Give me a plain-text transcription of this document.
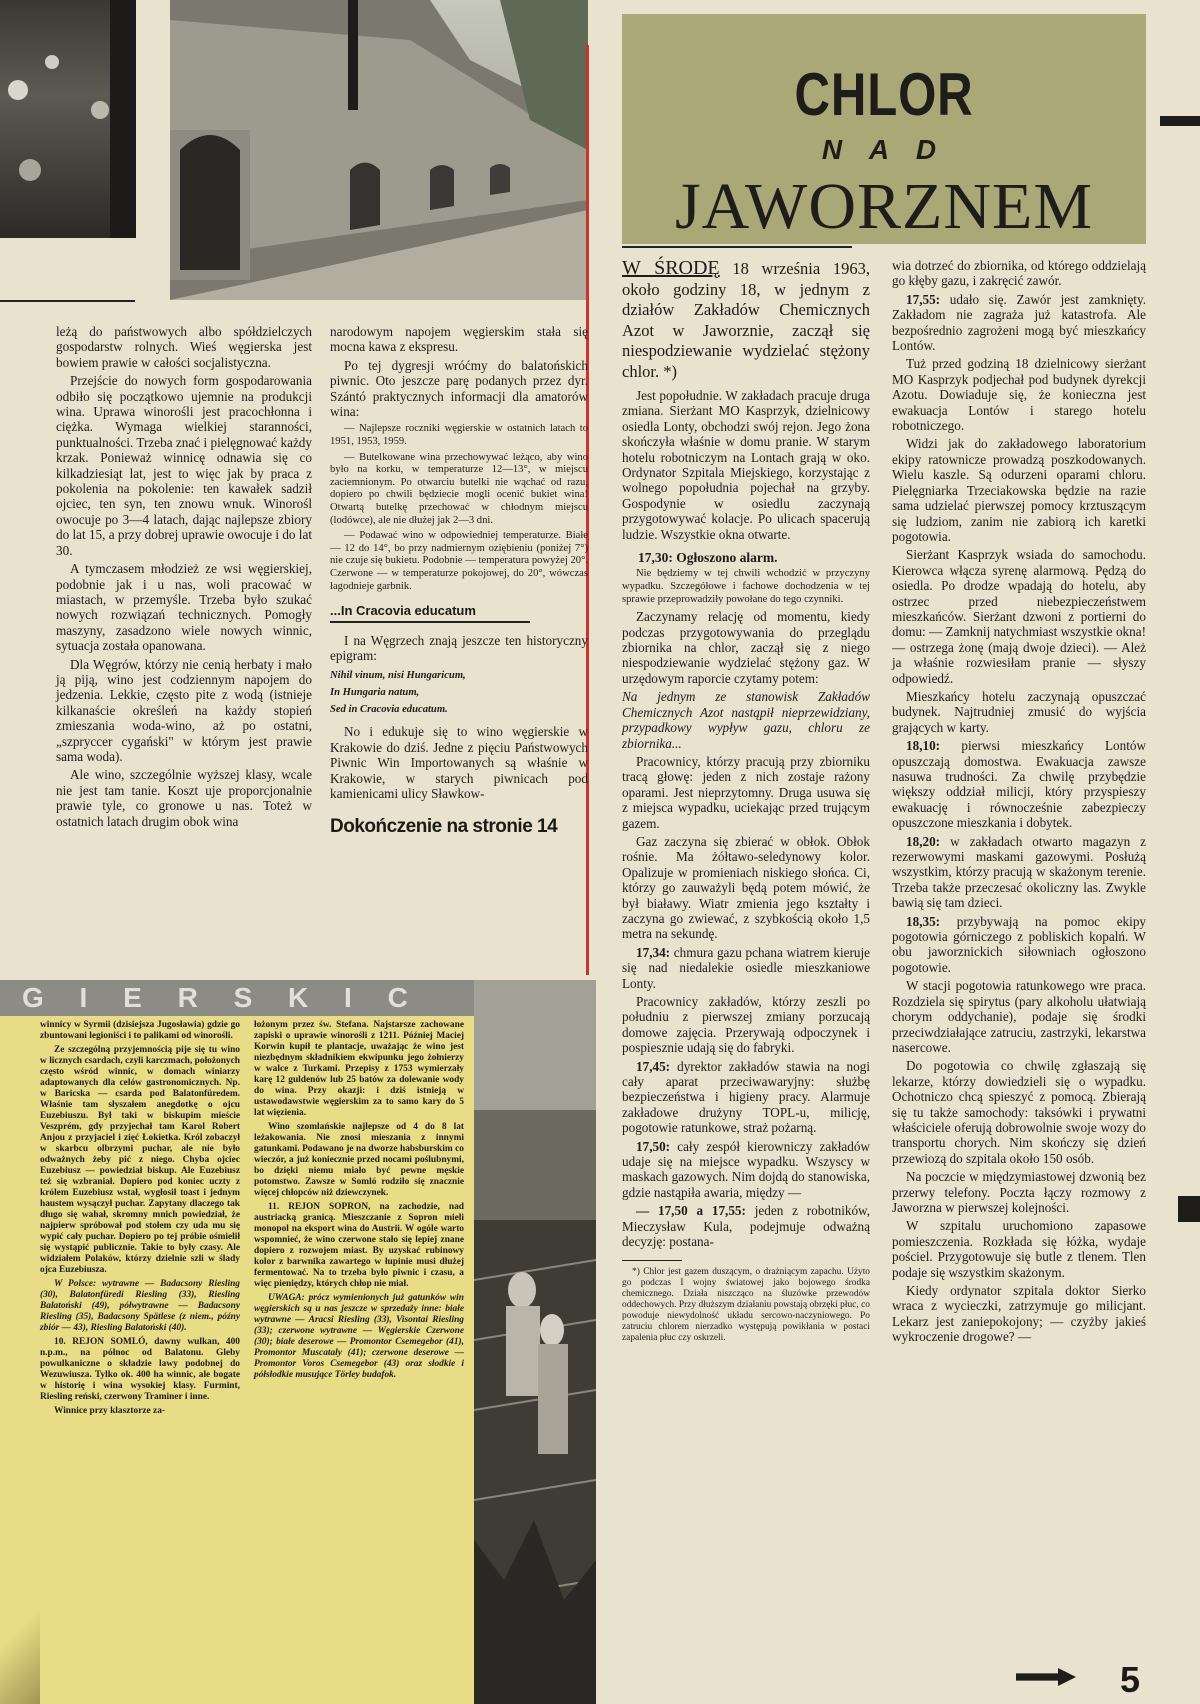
CHLOR
N A D
JAWORZNEM

leżą do państwowych albo spółdzielczych gospodarstw rolnych. Wieś węgierska jest bowiem prawie w całości socjalistyczna.

Przejście do nowych form gospodarowania odbiło się początkowo ujemnie na produkcji wina. Uprawa winorośli jest pracochłonna i ciężka. Wymaga wielkiej staranności, punktualności. Trzeba znać i pielęgnować każdy krzak. Ponieważ winnicę odnawia się co kilkadziesiąt lat, jest to więc jak by praca z pokolenia na pokolenie: ten kawałek sadził ojciec, ten syn, ten znowu wnuk. Winorośl owocuje po 3—4 latach, dając najlepsze zbiory do lat 15, a przy dobrej uprawie owocuje i do lat 30.

A tymczasem młodzież ze wsi węgierskiej, podobnie jak i u nas, woli pracować w miastach, w przemyśle. Trzeba było szukać nowych rozwiązań technicznych. Pomogły maszyny, zasadzono wiele nowych winnic, sytuacja została opanowana.

Dla Węgrów, którzy nie cenią herbaty i mało ją piją, wino jest codziennym napojem do jedzenia. Lekkie, często pite z wodą (istnieje kilkanaście określeń na każdy stopień zmieszania woda-wino, aż po ostatni, „szpryccer cygański" w którym jest prawie sama woda).

Ale wino, szczególnie wyższej klasy, wcale nie jest tam tanie. Koszt uje proporcjonalnie prawie tyle, co gronowe u nas. Toteż w ostatnich latach drugim obok wina

narodowym napojem węgierskim stała się mocna kawa z ekspresu.

Po tej dygresji wróćmy do balatońskich piwnic. Oto jeszcze parę podanych przez dyr. Szántó praktycznych informacji dla amatorów wina:

— Najlepsze roczniki węgierskie w ostatnich latach to 1951, 1953, 1959.

— Butelkowane wina przechowywać leżąco, aby wino było na korku, w temperaturze 12—13°, w miejscu zaciemnionym. Po otwarciu butelki nie wąchać od razu, dopiero po chwili będziecie mogli ocenić bukiet wina! Otwartą butelkę przechować w chłodnym miejscu (lodówce), ale nie dłużej jak 2—3 dni.

— Podawać wino w odpowiedniej temperaturze. Białe — 12 do 14°, bo przy nadmiernym oziębieniu (poniżej 7°) nie czuje się bukietu. Podobnie — temperatura powyżej 20°. Czerwone — w temperaturze pokojowej, do 20°, wówczas łagodnieje garbnik.

...In Cracovia educatum

I na Węgrzech znają jeszcze ten historyczny epigram:

Nihil vinum, nisi Hungaricum,
In Hungaria natum,
Sed in Cracovia educatum.

No i edukuje się to wino węgierskie w Krakowie do dziś. Jedne z pięciu Państwowych Piwnic Win Importowanych są właśnie w Krakowie, w starych piwnicach pod kamienicami ulicy Sławkow-

Dokończenie na stronie 14
G I E R S K I C

winnicy w Syrmii (dzisiejsza Jugosławia) gdzie go zbuntowani legioniści i to palikami od winorośli.

Ze szczególną przyjemnością pije się tu wino w licznych csardach, czyli karczmach, położonych często wśród winnic, w domach winiarzy adaptowanych dla celów gastronomicznych. Np. w Baricska — csarda pod Balatonfüredem. Właśnie tam słyszałem anegdotkę o ojcu Euzebiuszu. Był taki w biskupim mieście Veszprém, gdy przyjechał tam Karol Robert Anjou z przyjaciel i zięć Łokietka. Król zobaczył w skarbcu olbrzymi puchar, ale nie było odważnych żeby pić z niego. Chyba ojciec Euzebiusz — powiedział biskup. Ale Euzebiusz też się wzbraniał. Dopiero pod koniec uczty z królem Euzebiusz wstał, wygłosił toast i jednym haustem wysączył puchar. Zapytany dlaczego tak długo się wahał, skromny mnich powiedział, że najpierw spróbował pod stołem czy uda mu się wypić cały puchar. Dopiero po tej próbie ośmielił się wystąpić publicznie. Takie to były czasy. Ale widziałem Polaków, którzy dzielnie szli w ślady ojca Euzebiusza.

W Polsce: wytrawne — Badacsony Riesling (30), Balatonfüredi Riesling (33), Riesling Balatoński (49), półwytrawne — Badacsony Riesling (35), Badacsony Spätlese (z niem., późny zbiór — 43), Riesling Balatoński (40).

10. REJON SOMLÓ, dawny wulkan, 400 n.p.m., na północ od Balatonu. Gleby powulkaniczne o składzie lawy podobnej do Wezuwiusza. Tylko ok. 400 ha winnic, ale bogate w historię i wina wysokiej klasy. Furmint, Riesling reński, czerwony Traminer i inne.

Winnice przy klasztorze za-

łożonym przez św. Stefana. Najstarsze zachowane zapiski o uprawie winorośli z 1211. Później Maciej Korwin kupił te plantacje, uważając że wino jest niezbędnym składnikiem ekwipunku jego żołnierzy w walce z Turkami. Przepisy z 1753 wymierzały karę 12 guldenów lub 25 batów za dolewanie wody do wina. Przy okazji: i dziś istnieją w ustawodawstwie węgierskim za to samo kary do 5 lat więzienia.

Wino szomlańskie najlepsze od 4 do 8 lat leżakowania. Nie znosi mieszania z innymi gatunkami. Podawano je na dworze habsburskim co wieczór, a już koniecznie przed nocami poślubnymi, bo dzięki niemu miało być pewne męskie potomstwo. Zawsze w Somló rodziło się znacznie więcej chłopców niż dziewczynek.

11. REJON SOPRON, na zachodzie, nad austriacką granicą. Mieszczanie z Sopron mieli monopol na eksport wina do Austrii. W ogóle warto wspomnieć, że wino czerwone stało się lepiej znane dopiero z rozwojem miast. By uzyskać rubinowy kolor z barwnika zawartego w łupinie musi dłużej fermentować. Na to trzeba było piwnic i czasu, a więc pieniędzy, których chłop nie miał.

UWAGA: prócz wymienionych już gatunków win węgierskich są u nas jeszcze w sprzedaży inne: białe wytrawne — Aracsi Riesling (33), Visontai Riesling (33); czerwone wytrawne — Węgierskie Czerwone (30); białe deserowe — Promontor Csemegebor (41), Promontor Muscataly (41); czerwone deserowe — Promontor Voros Csemegebor (43) oraz słodkie i półsłodkie musujące Törley budafok.

W ŚRODĘ 18 września 1963, około godziny 18, w jednym z działów Zakładów Chemicznych Azot w Jaworznie, zaczął się niespodziewanie wydzielać stężony chlor. *)

Jest popołudnie. W zakładach pracuje druga zmiana. Sierżant MO Kasprzyk, dzielnicowy osiedla Lonty, obchodzi swój rejon. Jego żona skończyła właśnie w domu pranie. W starym hotelu robotniczym na Lontach grają w oko. Ordynator Szpitala Miejskiego, korzystając z wolnego popołudnia pojechał na grzyby. Gospodynie w osiedlu zaczynają przygotowywać kolacje. Po ulicach spacerują ludzie. Wszystkie okna otwarte.

17,30: Ogłoszono alarm.

Nie będziemy w tej chwili wchodzić w przyczyny wypadku. Szczegółowe i fachowe dochodzenia w tej sprawie przeprowadziły powołane do tego czynniki.

Zaczynamy relację od momentu, kiedy podczas przygotowywania do przeglądu zbiornika na chlor, zaczął się z niego niespodziewanie wydzielać stężony gaz. W urzędowym raporcie czytamy potem:

Na jednym ze stanowisk Zakładów Chemicznych Azot nastąpił nieprzewidziany, przypadkowy wypływ gazu, chloru ze zbiornika...

Pracownicy, którzy pracują przy zbiorniku tracą głowę: jeden z nich zostaje rażony oparami. Jest nieprzytomny. Druga usuwa się z miejsca wypadku, uciekając przed trującym gazem.

Gaz zaczyna się zbierać w obłok. Obłok rośnie. Ma żółtawo-seledynowy kolor. Opalizuje w promieniach niskiego słońca. Ci, którzy go zauważyli będą potem mówić, że był białawy. Wiatr zmienia jego kształty i zaczyna go zwiewać, z szybkością około 1,5 metra na sekundę.

17,34: chmura gazu pchana wiatrem kieruje się nad niedalekie osiedle mieszkaniowe Lonty.

Pracownicy zakładów, którzy zeszli po południu z pierwszej zmiany porzucają domowe zajęcia. Przerywają odpoczynek i pospiesznie udają się do fabryki.

17,45: dyrektor zakładów stawia na nogi cały aparat przeciwawaryjny: służbę bezpieczeństwa i higieny pracy. Alarmuje zakładowe drużyny TOPL-u, milicję, pogotowie ratunkowe, straż pożarną.

17,50: cały zespół kierowniczy zakładów udaje się na miejsce wypadku. Wszyscy w maskach gazowych. Nim dojdą do stanowiska, gdzie nastąpiła awaria, między —

— 17,50 a 17,55: jeden z robotników, Mieczysław Kula, podejmuje odważną decyzję: postana-

*) Chlor jest gazem duszącym, o drażniącym zapachu. Użyto go podczas I wojny światowej jako bojowego środka chemicznego. Działa niszcząco na śluzówke przewodów oddechowych. Przy dłuższym działaniu powstają obrzęki płuc, co powoduje niewydolność układu sercowo-naczyniowego. Po zatruciu chlorem nierzadko występują powikłania w postaci zapalenia płuc czy oskrzeli.

wia dotrzeć do zbiornika, od którego oddzielają go kłęby gazu, i zakręcić zawór.

17,55: udało się. Zawór jest zamknięty. Zakładom nie zagraża już katastrofa. Ale bezpośrednio zagrożeni mogą być mieszkańcy Lontów.

Tuż przed godziną 18 dzielnicowy sierżant MO Kasprzyk podjechał pod budynek dyrekcji Azotu. Dowiaduje się, że konieczna jest ewakuacja Lontów i starego hotelu robotniczego.

Widzi jak do zakładowego laboratorium ekipy ratownicze prowadzą poszkodowanych. Wielu kaszle. Są odurzeni oparami chloru. Pielęgniarka Trzeciakowska będzie na razie sama udzielać pierwszej pomocy krztuszącym się ludziom, zanim nie zabiorą ich karetki pogotowia.

Sierżant Kasprzyk wsiada do samochodu. Kierowca włącza syrenę alarmową. Pędzą do osiedla. Po drodze wpadają do hotelu, aby ostrzec przed niebezpieczeństwem mieszkańców. Sierżant dzwoni z portierni do domu: — Zamknij natychmiast wszystkie okna! — ostrzega żonę (mają dwoje dzieci). — Ależ ja właśnie rozwiesiłam pranie — słyszy odpowiedź.

Mieszkańcy hotelu zaczynają opuszczać budynek. Najtrudniej zmusić do wyjścia grających w karty.

18,10: pierwsi mieszkańcy Lontów opuszczają domostwa. Ewakuacja zawsze nasuwa trudności. Za chwilę przybędzie większy oddział milicji, który przyspieszy ewakuację i równocześnie zabezpieczy opuszczone mieszkania i dobytek.

18,20: w zakładach otwarto magazyn z rezerwowymi maskami gazowymi. Posłużą wszystkim, którzy pracują w skażonym terenie. Trzeba także przeczesać okoliczny las. Zwykle bawią się tam dzieci.

18,35: przybywają na pomoc ekipy pogotowia górniczego z pobliskich kopalń. W obu jaworznickich siłowniach ogłoszono pogotowie.

W stacji pogotowia ratunkowego wre praca. Rozdziela się spirytus (pary alkoholu ułatwiają chorym oddychanie), podaje się środki przeciwdziałające zatruciu, zastrzyki, lekarstwa nasercowe.

Do pogotowia co chwilę zgłaszają się lekarze, którzy dowiedzieli się o wypadku. Ochotniczo chcą spieszyć z pomocą. Zbierają się tu także samochody: taksówki i prywatni właściciele oferują dobrowolnie swoje wozy do transportu chorych. Nim skończy się dzień przewiozą do szpitala około 150 osób.

Na poczcie w międzymiastowej dzwonią bez przerwy telefony. Poczta łączy rozmowy z Jaworzna w pierwszej kolejności.

W szpitalu uruchomiono zapasowe pomieszczenia. Rozkłada się łóżka, wydaje pościel. Przygotowuje się butle z tlenem. Tlen podaje się wszystkim skażonym.

Kiedy ordynator szpitala doktor Sierko wraca z wycieczki, zatrzymuje go milicjant. Lekarz jest zaniepokojony; — czyżby jakieś wykroczenie drogowe? —

5
